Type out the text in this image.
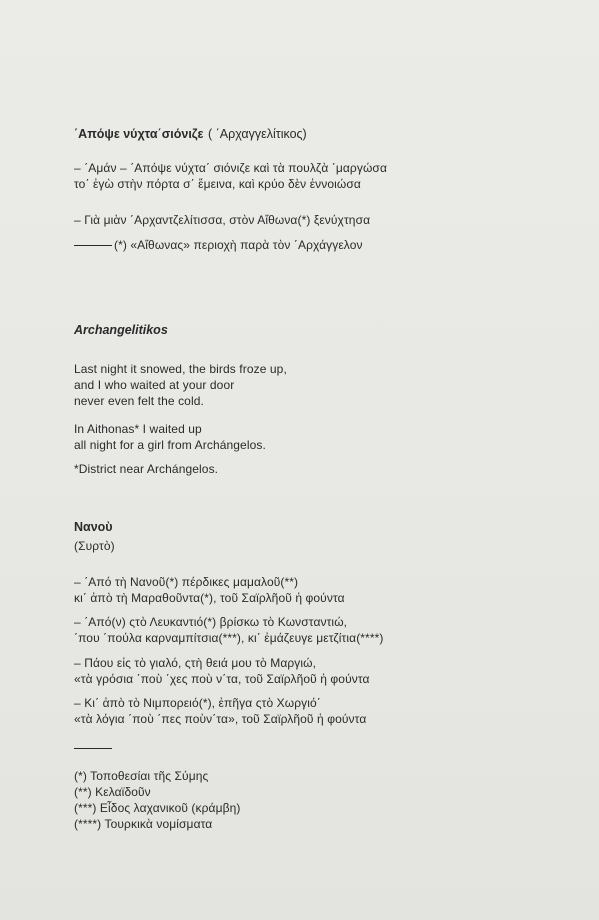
΄Απόψε νύχτα΄σιόνιζε ( ΄Αρχαγγελίτικος)
– ΄Αμάν – ΄Απόψε νύχτα΄ σιόνιζε καὶ τὰ πουλζὰ ΄μαργώσα
το΄ ἐγὼ στὴν πόρτα σ΄ ἔμεινα, καὶ κρύο δὲν ἐννοιώσα
– Γιὰ μιὰν ΄Αρχαντζελίτισσα, στὸν Αἴθωνα(*) ξενύχτησα
(*) «Αἴθωνας» περιοχὴ παρὰ τὸν ΄Αρχάγγελον
Archangelitikos
Last night it snowed, the birds froze up,
and I who waited at your door
never even felt the cold.
In Aithonas* I waited up
all night for a girl from Archángelos.
*District near Archángelos.
Nανοὺ
(Συρτὸ)
– ΄Από τὴ Νανοῦ(*) πέρδικες μαμαλοῦ(**)
κι΄ ἀπὸ τὴ Μαραθοῦντα(*), τοῦ Σαϊρλῆοῦ ἡ φούντα
– ΄Από(ν) ςτὸ Λευκαντιό(*) βρίσκω τὸ Κωνσταντιώ,
΄που ΄πούλα καρναμπίτσια(***), κι΄ ἐμάζευγε μετζίτια(****)
– Πάου εἰς τὸ γιαλό, ςτὴ θειά μου τὸ Μαργιώ,
«τὰ γρόσια ΄ποὺ ΄χες ποὺ ν΄τα, τοῦ Σαϊρλῆοῦ ἡ φούντα
– Κι΄ ἀπὸ τὸ Νιμπορειό(*), ἐπῆγα ςτὸ Χωργιό΄
«τὰ λόγια ΄ποὺ ΄πες ποὺν΄τα», τοῦ Σαϊρλῆοῦ ἡ φούντα
(*) Τοποθεσίαι τῆς Σύμης
(**) Κελαϊδοῦν
(***) Εἶδος λαχανικοῦ (κράμβη)
(****) Τουρκικὰ νομίσματα
